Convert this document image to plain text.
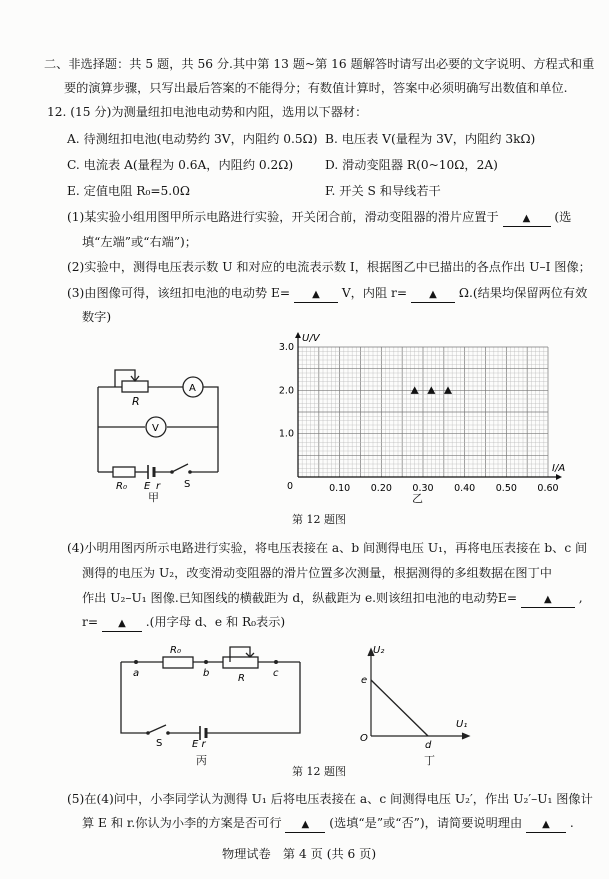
二、非选择题：共 5 题，共 56 分.其中第 13 题~第 16 题解答时请写出必要的文字说明、方程式和重
要的演算步骤，只写出最后答案的不能得分；有数值计算时，答案中必须明确写出数值和单位.
12. (15 分)为测量纽扣电池电动势和内阻，选用以下器材：
A. 待测纽扣电池(电动势约 3V，内阻约 0.5Ω) B. 电压表 V(量程为 3V，内阻约 3kΩ)
C. 电流表 A(量程为 0.6A，内阻约 0.2Ω)	D. 滑动变阻器 R(0~10Ω，2A)
E. 定值电阻 R₀=5.0Ω	F. 开关 S 和导线若干
(1)某实验小组用图甲所示电路进行实验，开关闭合前，滑动变阻器的滑片应置于 ▲ (选
填“左端”或“右端”)；
(2)实验中，测得电压表示数 U 和对应的电流表示数 I，根据图乙中已描出的各点作出 U–I 图像；
(3)由图像可得，该纽扣电池的电动势 E= ▲ V，内阻 r= ▲ Ω.(结果均保留两位有效
数字)
R
A
V
R₀ E r S
甲
I/A
U/V
0.10 0.20 0.30 0.40 0.50 0.60
1.0
2.0
3.0
0
乙
第 12 题图
(4)小明用图丙所示电路进行实验，将电压表接在 a、b 间测得电压 U₁，再将电压表接在 b、c 间
测得的电压为 U₂，改变滑动变阻器的滑片位置多次测量，根据测得的多组数据在图丁中
作出 U₂–U₁ 图像.已知图线的横截距为 d，纵截距为 e.则该纽扣电池的电动势E=	▲ ,
r= ▲ .(用字母 d、e 和 R₀表示)
R₀
R
a	b	c
S	E r
丙
U₂
U₁
e
d
O
丁
第 12 题图
(5)在(4)问中，小李同学认为测得 U₁ 后将电压表接在 a、c 间测得电压 U₂′，作出 U₂′–U₁ 图像计
算 E 和 r.你认为小李的方案是否可行 ▲ (选填“是”或“否”)，请简要说明理由 ▲ .
物理试卷　第 4 页 (共 6 页)
